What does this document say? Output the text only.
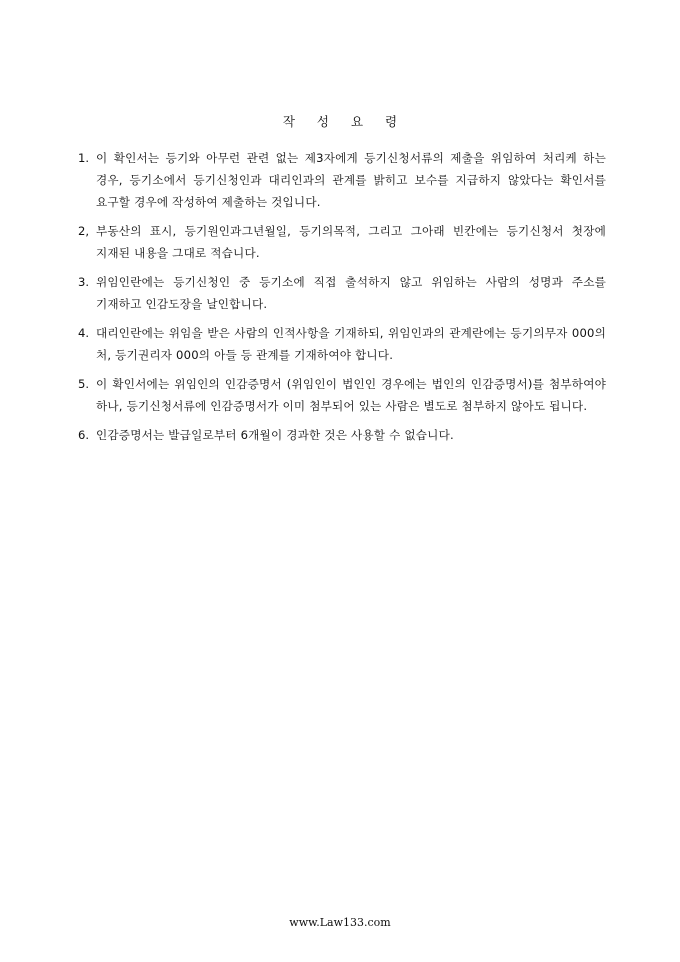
작 성 요 령
1. 이 확인서는 등기와 아무런 관련 없는 제3자에게 등기신청서류의 제출을 위임하여 처리케 하는 경우, 등기소에서 등기신청인과 대리인과의 관계를 밝히고 보수를 지급하지 않았다는 확인서를 요구할 경우에 작성하여 제출하는 것입니다.
2, 부동산의 표시, 등기원인과그년월일, 등기의목적, 그리고 그아래 빈칸에는 등기신청서 첫장에 지재된 내용을 그대로 적습니다.
3. 위임인란에는 등기신청인 중 등기소에 직접 출석하지 않고 위임하는 사람의 성명과 주소를 기재하고 인감도장을 날인합니다.
4. 대리인란에는 위임을 받은 사람의 인적사항을 기재하되, 위임인과의 관계란에는 등기의무자 000의 처, 등기권리자 000의 아들 등 관계를 기재하여야 합니다.
5. 이 확인서에는 위임인의 인감증명서 (위임인이 법인인 경우에는 법인의 인감증명서)를 첨부하여야 하나, 등기신청서류에 인감증명서가 이미 첨부되어 있는 사람은 별도로 첨부하지 않아도 됩니다.
6. 인감증명서는 발급일로부터 6개월이 경과한 것은 사용할 수 없습니다.
www.Law133.com
